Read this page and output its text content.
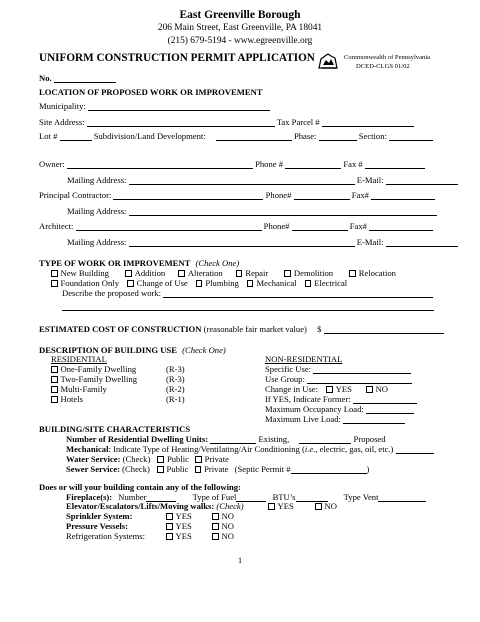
East Greenville Borough
206 Main Street, East Greenville, PA 18041
(215) 679-5194 - www.egreenville.org
UNIFORM CONSTRUCTION PERMIT APPLICATION	Commonwealth of Pennsylvania
DCED-CLGS 01/02
No.
LOCATION OF PROPOSED WORK OR IMPROVEMENT
Municipality:
Site Address:	Tax Parcel #
Lot #	Subdivision/Land Development:	Phase:	Section:
Owner:	Phone #	Fax #
Mailing Address:	E-Mail:
Principal Contractor:	Phone#	Fax#
Mailing Address:
Architect:	Phone#	Fax#
Mailing Address:	E-Mail:
TYPE OF WORK OR IMPROVEMENT (Check One)
New Building	Addition	Alteration	Repair	Demolition	Relocation
Foundation Only Change of Use Plumbing Mechanical Electrical
Describe the proposed work:
ESTIMATED COST OF CONSTRUCTION (reasonable fair market value) $
DESCRIPTION OF BUILDING USE (Check One)
RESIDENTIAL
One-Family Dwelling	(R-3)
Two-Family Dwelling	(R-3)
Multi-Family	(R-2)
Hotels	(R-1)
NON-RESIDENTIAL
Specific Use:
Use Group:
Change in Use: YES	NO
If YES, Indicate Former:
Maximum Occupancy Load:
Maximum Live Load:
BUILDING/SITE CHARACTERISTICS
Number of Residential Dwelling Units:	Existing,	Proposed
Mechanical: Indicate Type of Heating/Ventilating/Air Conditioning (i.e., electric, gas, oil, etc.)
Water Service: (Check) Public Private
Sewer Service: (Check) Public Private (Septic Permit #	)
Does or will your building contain any of the following:
Fireplace(s): Number	Type of Fuel	BTU’s	Type Vent
Elevator/Escalators/Lifts/Moving walks: (Check)	YES	NO
Sprinkler System:	YES	NO
Pressure Vessels:	YES	NO
Refrigeration Systems:	YES	NO
1
